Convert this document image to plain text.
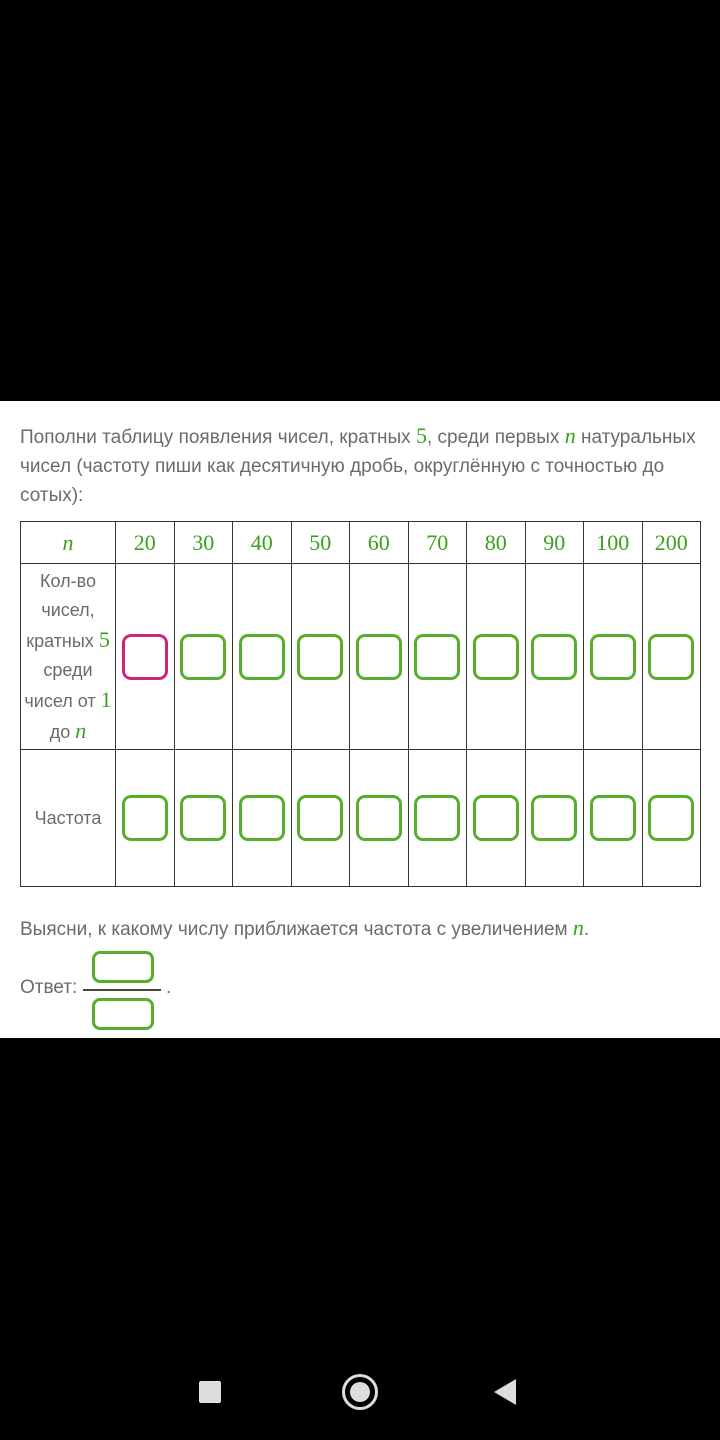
Пополни таблицу появления чисел, кратных 5, среди первых n натуральных чисел (частоту пиши как десятичную дробь, округлённую с точностью до сотых):
n	20	30	40	50	60	70	80	90	100	200

Кол-во чисел, кратных 5 среди чисел от 1 до n										

Частота										
Выясни, к какому числу приближается частота с увеличением n.
Ответ:	.
